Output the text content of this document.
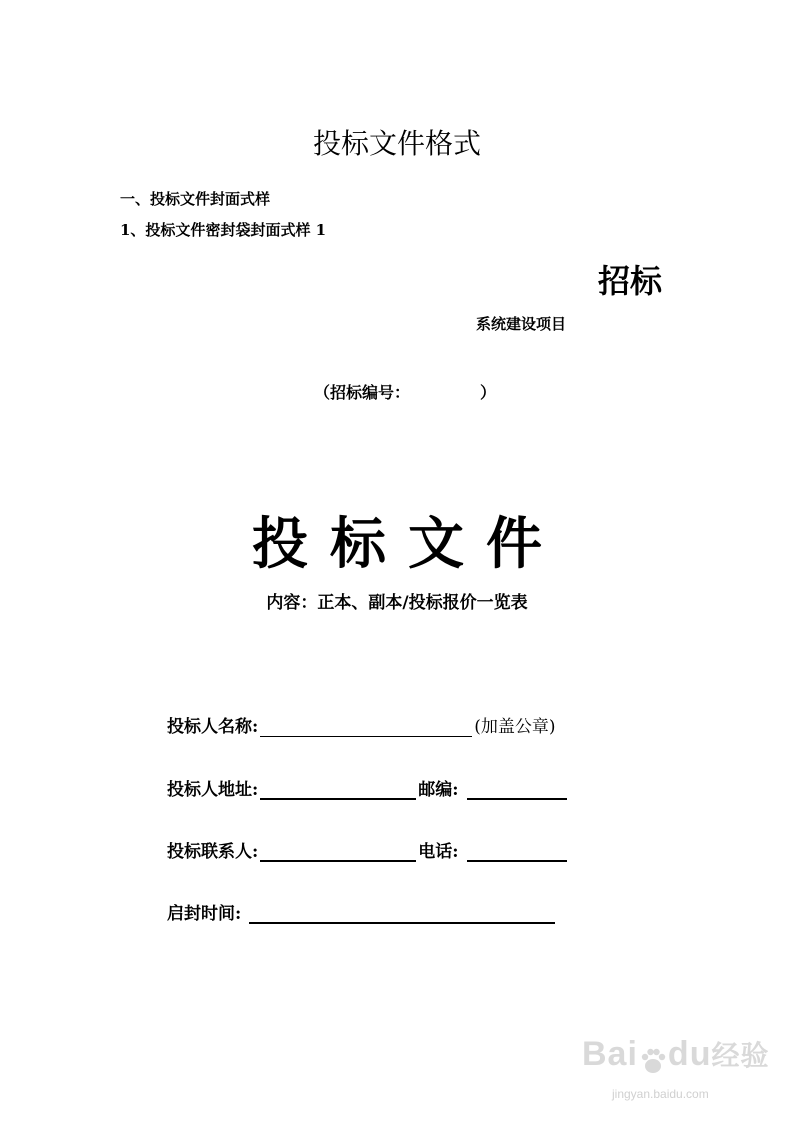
投标文件格式
一、投标文件封面式样
1、投标文件密封袋封面式样 1
招标
系统建设项目
（招标编号：	）
投标文件
内容：正本、副本/投标报价一览表
投标人名称:	(加盖公章)
投标人地址:	邮编:
投标联系人:	电话:
启封时间:
Bai du经验
jingyan.baidu.com
